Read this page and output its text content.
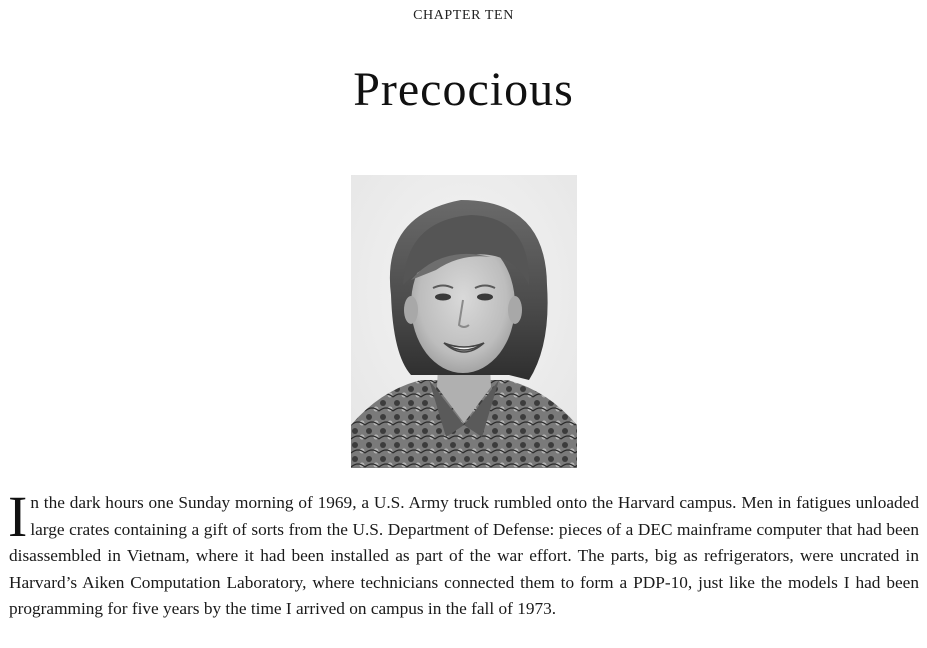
CHAPTER TEN
Precocious

In the dark hours one Sunday morning of 1969, a U.S. Army truck rumbled onto the Harvard campus. Men in fatigues unloaded large crates containing a gift of sorts from the U.S. Department of Defense: pieces of a DEC mainframe computer that had been disassembled in Vietnam, where it had been installed as part of the war effort. The parts, big as refrigerators, were uncrated in Harvard’s Aiken Computation Laboratory, where technicians connected them to form a PDP-10, just like the models I had been programming for five years by the time I arrived on campus in the fall of 1973.
